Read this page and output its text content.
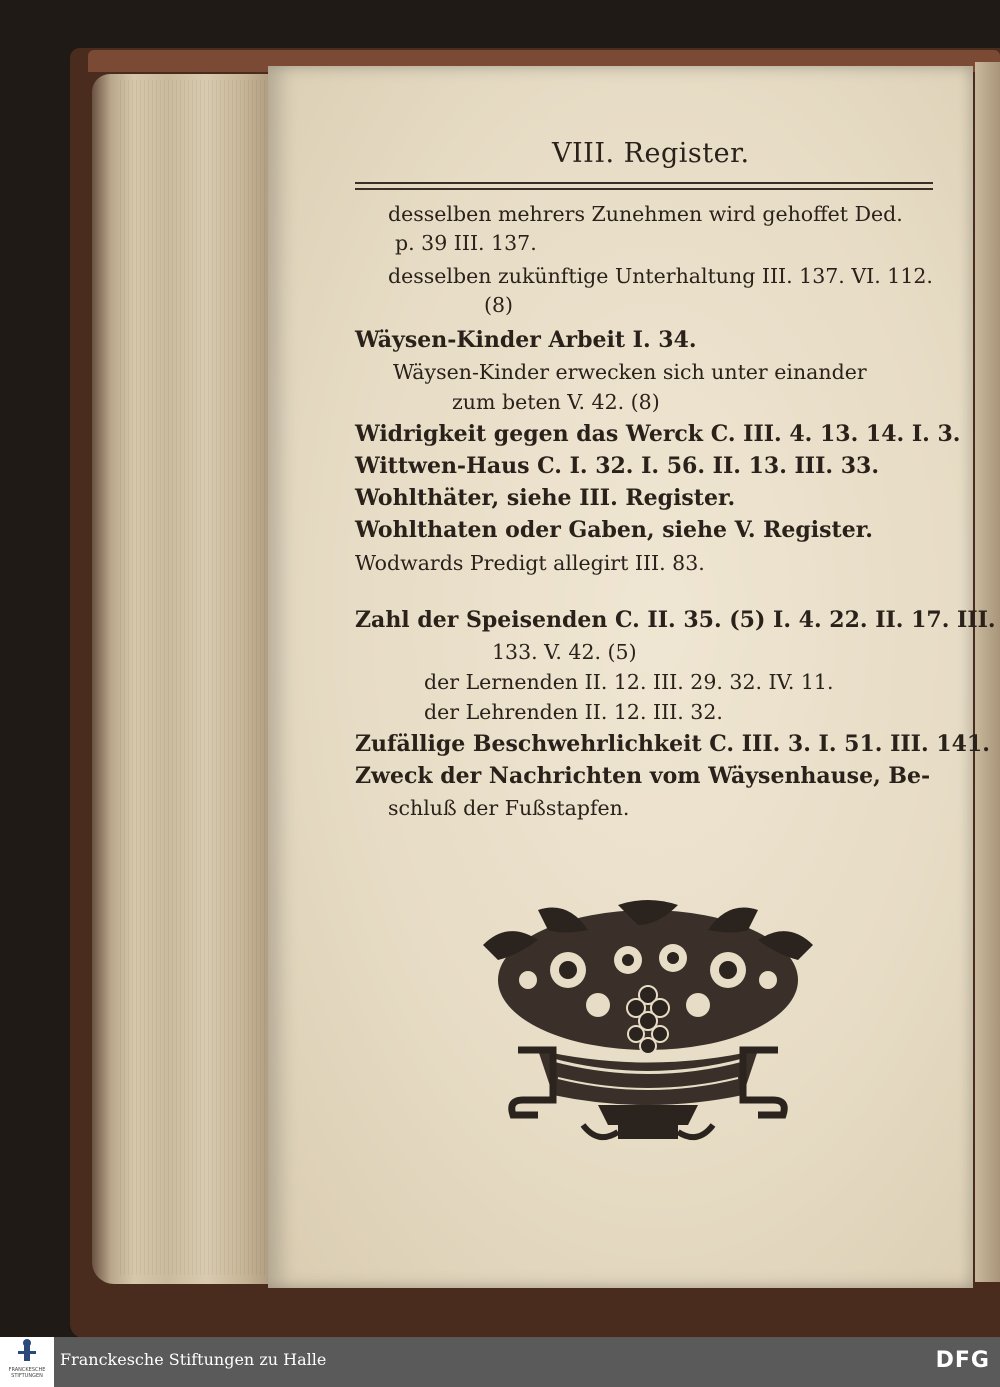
VIII. Register.
desselben mehrers Zunehmen wird gehoffet Ded.
p. 39 III. 137.
desselben zukünftige Unterhaltung III. 137. VI. 112.
(8)
Wäysen-Kinder Arbeit I. 34.
Wäysen-Kinder erwecken sich unter einander
zum beten V. 42. (8)
Widrigkeit gegen das Werck C. III. 4. 13. 14. I. 3.
Wittwen-Haus C. I. 32. I. 56. II. 13. III. 33.
Wohlthäter, siehe III. Register.
Wohlthaten oder Gaben, siehe V. Register.
Wodwards Predigt allegirt III. 83.
Zahl der Speisenden C. II. 35. (5) I. 4. 22. II. 17. III.
133. V. 42. (5)
der Lernenden II. 12. III. 29. 32. IV. 11.
der Lehrenden II. 12. III. 32.
Zufällige Beschwehrlichkeit C. III. 3. I. 51. III. 141.
Zweck der Nachrichten vom Wäysenhause, Be-
schluß der Fußstapfen.
FRANCKESCHE STIFTUNGEN
Franckesche Stiftungen zu Halle	DFG
